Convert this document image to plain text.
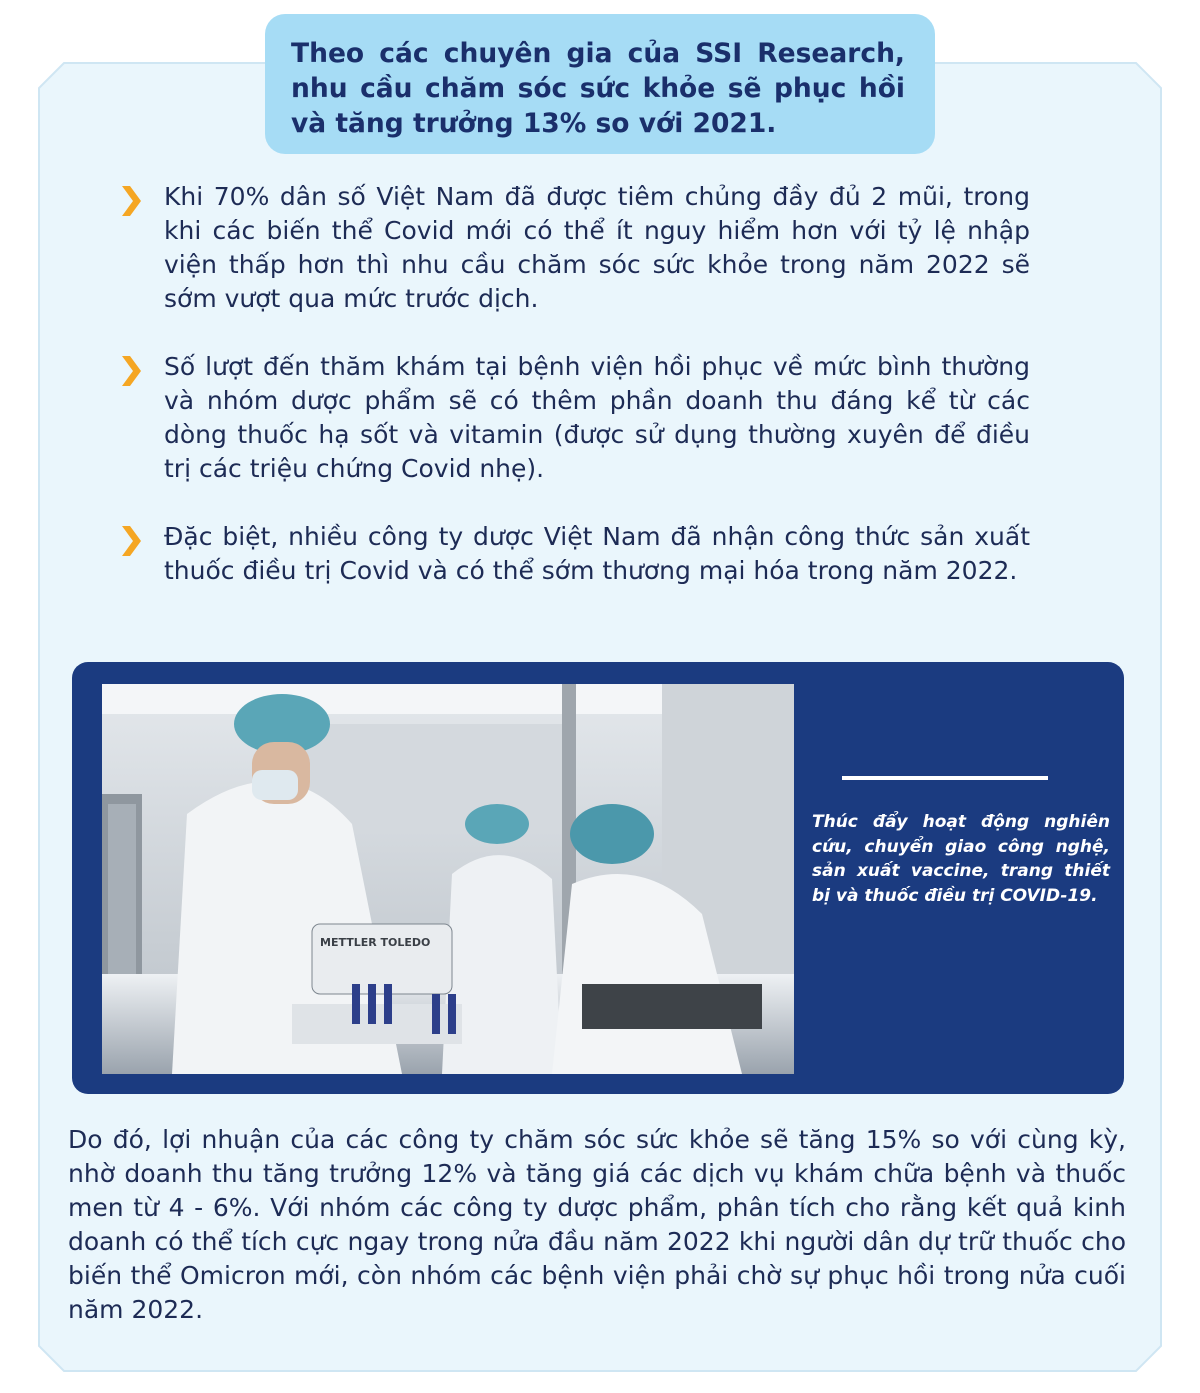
Theo các chuyên gia của SSI Research, nhu cầu chăm sóc sức khỏe sẽ phục hồi và tăng trưởng 13% so với 2021.

Khi 70% dân số Việt Nam đã được tiêm chủng đầy đủ 2 mũi, trong khi các biến thể Covid mới có thể ít nguy hiểm hơn với tỷ lệ nhập viện thấp hơn thì nhu cầu chăm sóc sức khỏe trong năm 2022 sẽ sớm vượt qua mức trước dịch.

Số lượt đến thăm khám tại bệnh viện hồi phục về mức bình thường và nhóm dược phẩm sẽ có thêm phần doanh thu đáng kể từ các dòng thuốc hạ sốt và vitamin (được sử dụng thường xuyên để điều trị các triệu chứng Covid nhẹ).

Đặc biệt, nhiều công ty dược Việt Nam đã nhận công thức sản xuất thuốc điều trị Covid và có thể sớm thương mại hóa trong năm 2022.

METTLER TOLEDO

Thúc đẩy hoạt động nghiên cứu, chuyển giao công nghệ, sản xuất vaccine, trang thiết bị và thuốc điều trị COVID-19.

Do đó, lợi nhuận của các công ty chăm sóc sức khỏe sẽ tăng 15% so với cùng kỳ, nhờ doanh thu tăng trưởng 12% và tăng giá các dịch vụ khám chữa bệnh và thuốc men từ 4 - 6%. Với nhóm các công ty dược phẩm, phân tích cho rằng kết quả kinh doanh có thể tích cực ngay trong nửa đầu năm 2022 khi người dân dự trữ thuốc cho biến thể Omicron mới, còn nhóm các bệnh viện phải chờ sự phục hồi trong nửa cuối năm 2022.
